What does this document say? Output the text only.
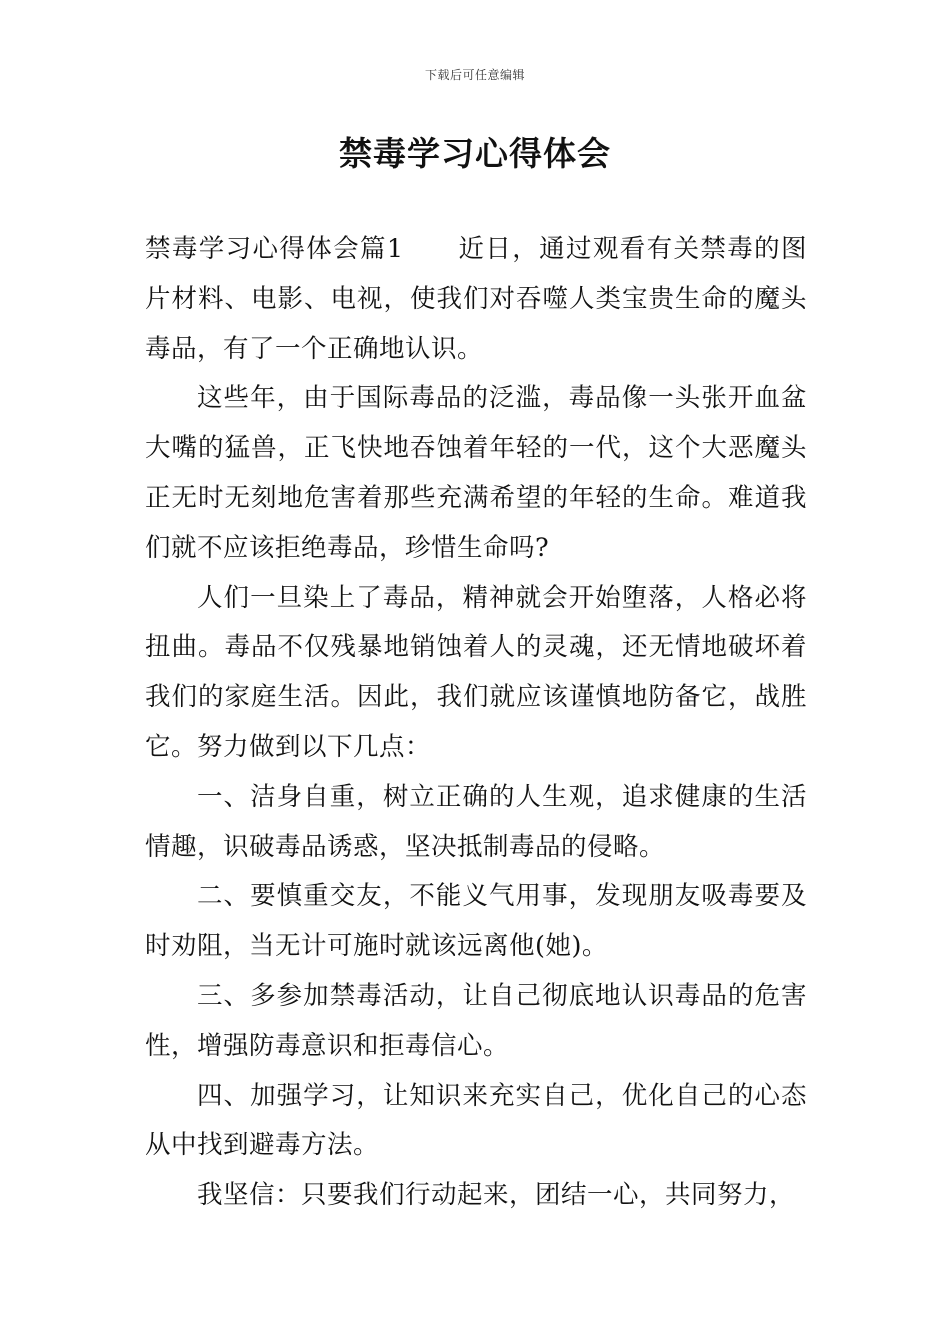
下载后可任意编辑
禁毒学习心得体会

禁毒学习心得体会篇1 近日，通过观看有关禁毒的图片材料、电影、电视，使我们对吞噬人类宝贵生命的魔头毒品，有了一个正确地认识。

这些年，由于国际毒品的泛滥，毒品像一头张开血盆大嘴的猛兽，正飞快地吞蚀着年轻的一代，这个大恶魔头正无时无刻地危害着那些充满希望的年轻的生命。难道我们就不应该拒绝毒品，珍惜生命吗?

人们一旦染上了毒品，精神就会开始堕落，人格必将扭曲。毒品不仅残暴地销蚀着人的灵魂，还无情地破坏着我们的家庭生活。因此，我们就应该谨慎地防备它，战胜它。努力做到以下几点：

一、洁身自重，树立正确的人生观，追求健康的生活情趣，识破毒品诱惑，坚决抵制毒品的侵略。

二、要慎重交友，不能义气用事，发现朋友吸毒要及时劝阻，当无计可施时就该远离他(她)。

三、多参加禁毒活动，让自己彻底地认识毒品的危害性，增强防毒意识和拒毒信心。

四、加强学习，让知识来充实自己，优化自己的心态从中找到避毒方法。

我坚信：只要我们行动起来，团结一心，共同努力，
